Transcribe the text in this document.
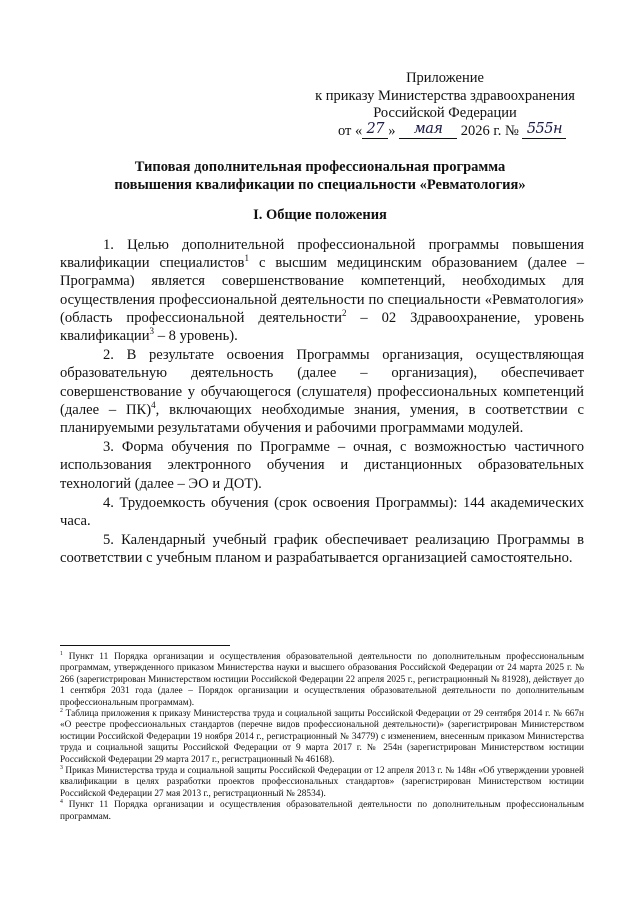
Приложение
к приказу Министерства здравоохранения
Российской Федерации
от « 27 » мая 2026 г. № 555н
Типовая дополнительная профессиональная программа
повышения квалификации по специальности «Ревматология»
I. Общие положения

1. Целью дополнительной профессиональной программы повышения квалификации специалистов$^1$ с высшим медицинским образованием (далее – Программа) является совершенствование компетенций, необходимых для осуществления профессиональной деятельности по специальности «Ревматология» (область профессиональной деятельности$^2$ – 02 Здравоохранение, уровень квалификации$^3$ – 8 уровень).

2. В результате освоения Программы организация, осуществляющая образовательную деятельность (далее – организация), обеспечивает совершенствование у обучающегося (слушателя) профессиональных компетенций (далее – ПК)$^4$, включающих необходимые знания, умения, в соответствии с планируемыми результатами обучения и рабочими программами модулей.

3. Форма обучения по Программе – очная, с возможностью частичного использования электронного обучения и дистанционных образовательных технологий (далее – ЭО и ДОТ).

4. Трудоемкость обучения (срок освоения Программы): 144 академических часа.

5. Календарный учебный график обеспечивает реализацию Программы в соответствии с учебным планом и разрабатывается организацией самостоятельно.

$^1$ Пункт 11 Порядка организации и осуществления образовательной деятельности по дополнительным профессиональным программам, утвержденного приказом Министерства науки и высшего образования Российской Федерации от 24 марта 2025 г. № 266 (зарегистрирован Министерством юстиции Российской Федерации 22 апреля 2025 г., регистрационный № 81928), действует до 1 сентября 2031 года (далее – Порядок организации и осуществления образовательной деятельности по дополнительным профессиональным программам).

$^2$ Таблица приложения к приказу Министерства труда и социальной защиты Российской Федерации от 29 сентября 2014 г. № 667н «О реестре профессиональных стандартов (перечне видов профессиональной деятельности)» (зарегистрирован Министерством юстиции Российской Федерации 19 ноября 2014 г., регистрационный № 34779) с изменением, внесенным приказом Министерства труда и социальной защиты Российской Федерации от 9 марта 2017 г. № 254н (зарегистрирован Министерством юстиции Российской Федерации 29 марта 2017 г., регистрационный № 46168).

$^3$ Приказ Министерства труда и социальной защиты Российской Федерации от 12 апреля 2013 г. № 148н «Об утверждении уровней квалификации в целях разработки проектов профессиональных стандартов» (зарегистрирован Министерством юстиции Российской Федерации 27 мая 2013 г., регистрационный № 28534).

$^4$ Пункт 11 Порядка организации и осуществления образовательной деятельности по дополнительным профессиональным программам.
